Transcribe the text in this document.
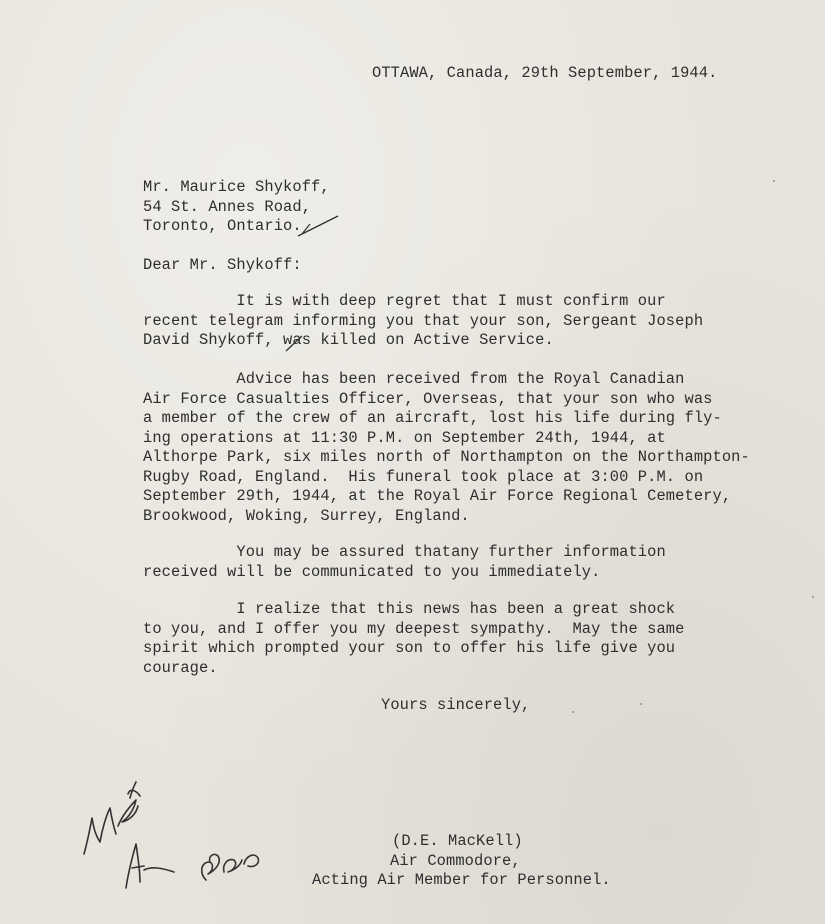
OTTAWA, Canada, 29th September, 1944.
Mr. Maurice Shykoff,
54 St. Annes Road,
Toronto, Ontario.
Dear Mr. Shykoff:
It is with deep regret that I must confirm our
recent telegram informing you that your son, Sergeant Joseph
David Shykoff, was killed on Active Service.
Advice has been received from the Royal Canadian
Air Force Casualties Officer, Overseas, that your son who was
a member of the crew of an aircraft, lost his life during fly-
ing operations at 11:30 P.M. on September 24th, 1944, at
Althorpe Park, six miles north of Northampton on the Northampton-
Rugby Road, England.  His funeral took place at 3:00 P.M. on
September 29th, 1944, at the Royal Air Force Regional Cemetery,
Brookwood, Woking, Surrey, England.
You may be assured thatany further information
received will be communicated to you immediately.
I realize that this news has been a great shock
to you, and I offer you my deepest sympathy.  May the same
spirit which prompted your son to offer his life give you
courage.
Yours sincerely,
(D.E. MacKell)
Air Commodore,
Acting Air Member for Personnel.
